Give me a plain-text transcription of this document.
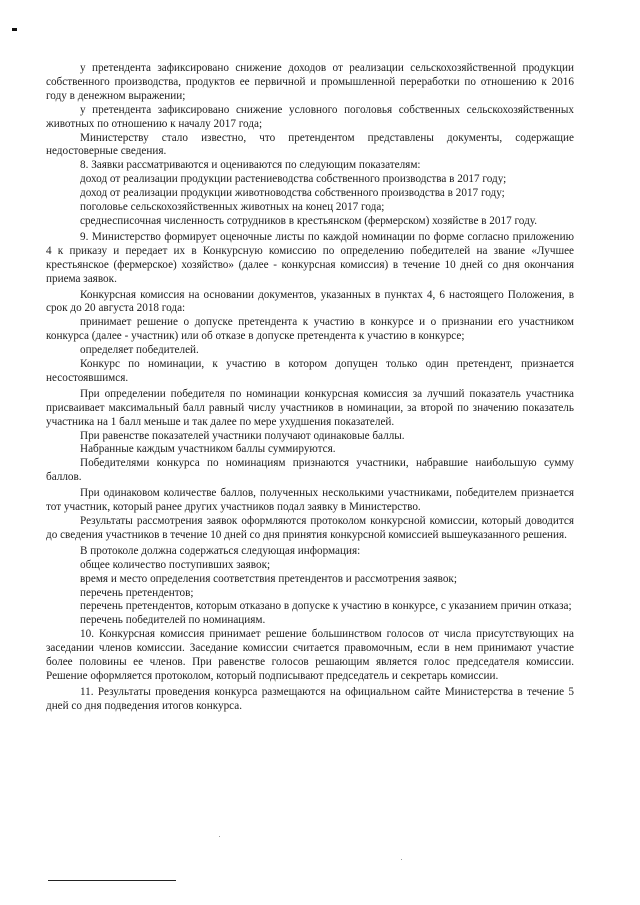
у претендента зафиксировано снижение доходов от реализации сельскохозяйственной продукции собственного производства, продуктов ее первичной и промышленной переработки по отношению к 2016 году в денежном выражении;

у претендента зафиксировано снижение условного поголовья собственных сельскохозяйственных животных по отношению к началу 2017 года;

Министерству стало известно, что претендентом представлены документы, содержащие недостоверные сведения.

8. Заявки рассматриваются и оцениваются по следующим показателям:

доход от реализации продукции растениеводства собственного производства в 2017 году;

доход от реализации продукции животноводства собственного производства в 2017 году;

поголовье сельскохозяйственных животных на конец 2017 года;

среднесписочная численность сотрудников в крестьянском (фермерском) хозяйстве в 2017 году.

9. Министерство формирует оценочные листы по каждой номинации по форме согласно приложению 4 к приказу и передает их в Конкурсную комиссию по определению победителей на звание «Лучшее крестьянское (фермерское) хозяйство» (далее - конкурсная комиссия) в течение 10 дней со дня окончания приема заявок.

Конкурсная комиссия на основании документов, указанных в пунктах 4, 6 настоящего Положения, в срок до 20 августа 2018 года:

принимает решение о допуске претендента к участию в конкурсе и о признании его участником конкурса (далее - участник) или об отказе в допуске претендента к участию в конкурсе;

определяет победителей.

Конкурс по номинации, к участию в котором допущен только один претендент, признается несостоявшимся.

При определении победителя по номинации конкурсная комиссия за лучший показатель участника присваивает максимальный балл равный числу участников в номинации, за второй по значению показатель участника на 1 балл меньше и так далее по мере ухудшения показателей.

При равенстве показателей участники получают одинаковые баллы.

Набранные каждым участником баллы суммируются.

Победителями конкурса по номинациям признаются участники, набравшие наибольшую сумму баллов.

При одинаковом количестве баллов, полученных несколькими участниками, победителем признается тот участник, который ранее других участников подал заявку в Министерство.

Результаты рассмотрения заявок оформляются протоколом конкурсной комиссии, который доводится до сведения участников в течение 10 дней со дня принятия конкурсной комиссией вышеуказанного решения.

В протоколе должна содержаться следующая информация:

общее количество поступивших заявок;

время и место определения соответствия претендентов и рассмотрения заявок;

перечень претендентов;

перечень претендентов, которым отказано в допуске к участию в конкурсе, с указанием причин отказа;

перечень победителей по номинациям.

10. Конкурсная комиссия принимает решение большинством голосов от числа присутствующих на заседании членов комиссии. Заседание комиссии считается правомочным, если в нем принимают участие более половины ее членов. При равенстве голосов решающим является голос председателя комиссии. Решение оформляется протоколом, который подписывают председатель и секретарь комиссии.

11. Результаты проведения конкурса размещаются на официальном сайте Министерства в течение 5 дней со дня подведения итогов конкурса.
